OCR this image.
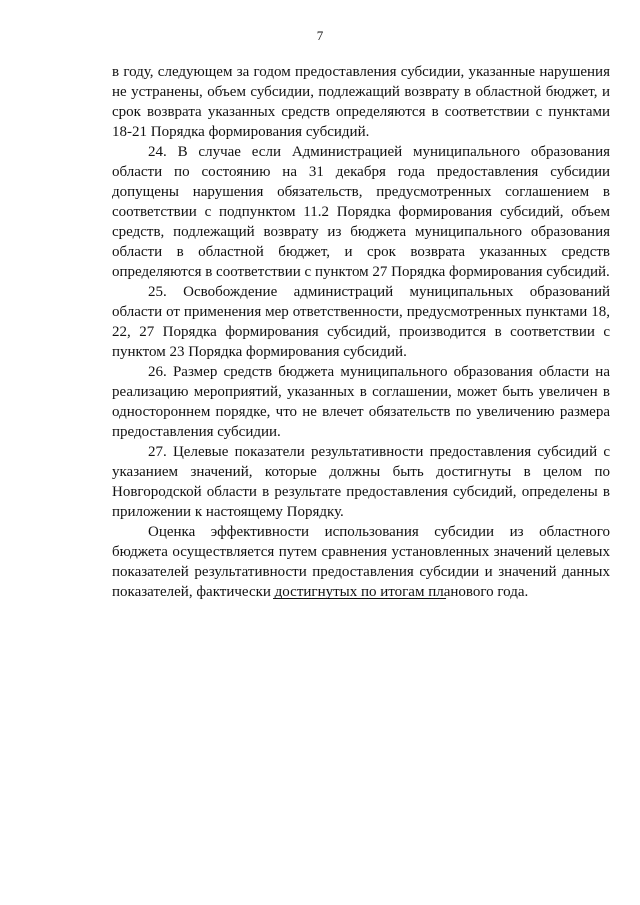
7

в году, следующем за годом предоставления субсидии, указанные нарушения не устранены, объем субсидии, подлежащий возврату в областной бюджет, и срок возврата указанных средств определяются в соответствии с пунктами 18-21 Порядка формирования субсидий.

24. В случае если Администрацией муниципального образования области по состоянию на 31 декабря года предоставления субсидии допущены нарушения обязательств, предусмотренных соглашением в соответствии с подпунктом 11.2 Порядка формирования субсидий, объем средств, подлежащий возврату из бюджета муниципального образования области в областной бюджет, и срок возврата указанных средств определяются в соответствии с пунктом 27 Порядка формирования субсидий.

25. Освобождение администраций муниципальных образований области от применения мер ответственности, предусмотренных пунктами 18, 22, 27 Порядка формирования субсидий, производится в соответствии с пунктом 23 Порядка формирования субсидий.

26. Размер средств бюджета муниципального образования области на реализацию мероприятий, указанных в соглашении, может быть увеличен в одностороннем порядке, что не влечет обязательств по увеличению размера предоставления субсидии.

27. Целевые показатели результативности предоставления субсидий с указанием значений, которые должны быть достигнуты в целом по Новгородской области в результате предоставления субсидий, определены в приложении к настоящему Порядку.

Оценка эффективности использования субсидии из областного бюджета осуществляется путем сравнения установленных значений целевых показателей результативности предоставления субсидии и значений данных показателей, фактически достигнутых по итогам планового года.
